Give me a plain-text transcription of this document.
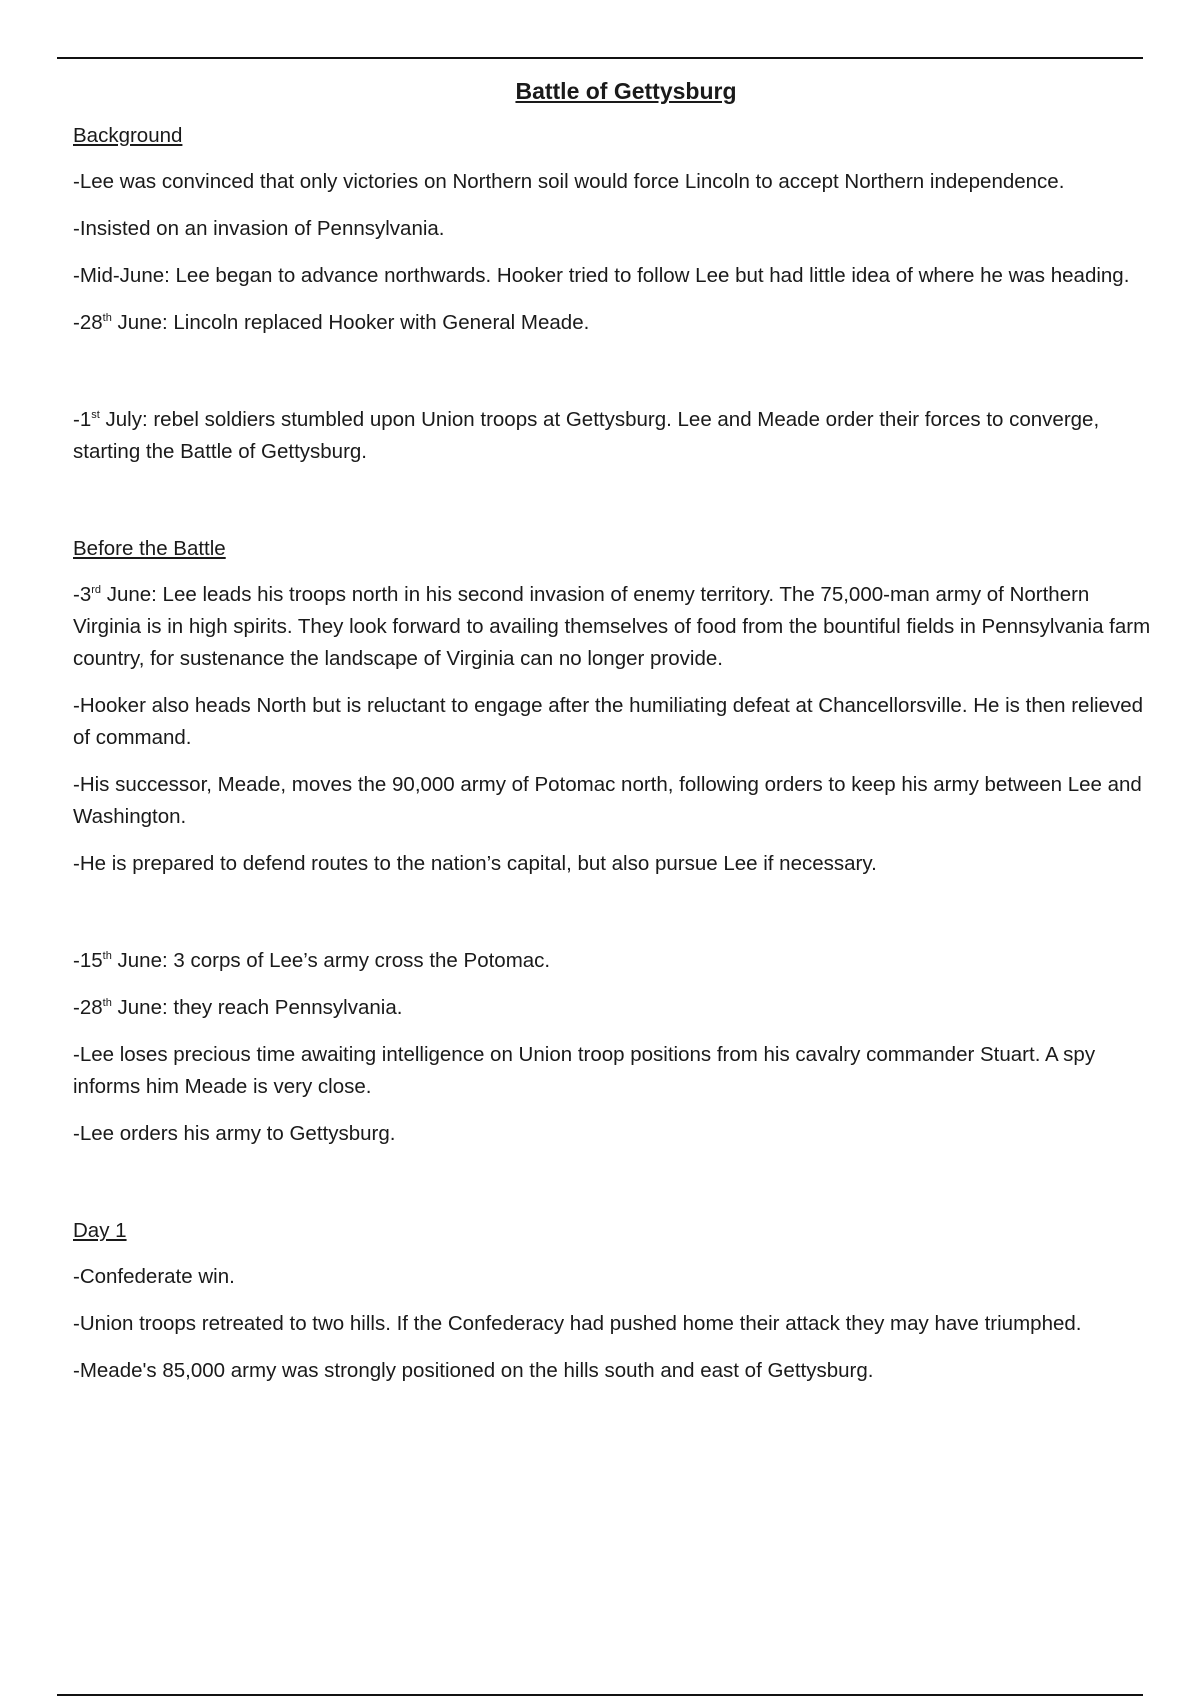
Battle of Gettysburg
Background
-Lee was convinced that only victories on Northern soil would force Lincoln to accept Northern independence.
-Insisted on an invasion of Pennsylvania.
-Mid-June: Lee began to advance northwards. Hooker tried to follow Lee but had little idea of where he was heading.
-28th June: Lincoln replaced Hooker with General Meade.
-1st July: rebel soldiers stumbled upon Union troops at Gettysburg. Lee and Meade order their forces to converge, starting the Battle of Gettysburg.
Before the Battle
-3rd June: Lee leads his troops north in his second invasion of enemy territory. The 75,000-man army of Northern Virginia is in high spirits. They look forward to availing themselves of food from the bountiful fields in Pennsylvania farm country, for sustenance the landscape of Virginia can no longer provide.
-Hooker also heads North but is reluctant to engage after the humiliating defeat at Chancellorsville. He is then relieved of command.
-His successor, Meade, moves the 90,000 army of Potomac north, following orders to keep his army between Lee and Washington.
-He is prepared to defend routes to the nation’s capital, but also pursue Lee if necessary.
-15th June: 3 corps of Lee’s army cross the Potomac.
-28th June: they reach Pennsylvania.
-Lee loses precious time awaiting intelligence on Union troop positions from his cavalry commander Stuart. A spy informs him Meade is very close.
-Lee orders his army to Gettysburg.
Day 1
-Confederate win.
-Union troops retreated to two hills. If the Confederacy had pushed home their attack they may have triumphed.
-Meade's 85,000 army was strongly positioned on the hills south and east of Gettysburg.
